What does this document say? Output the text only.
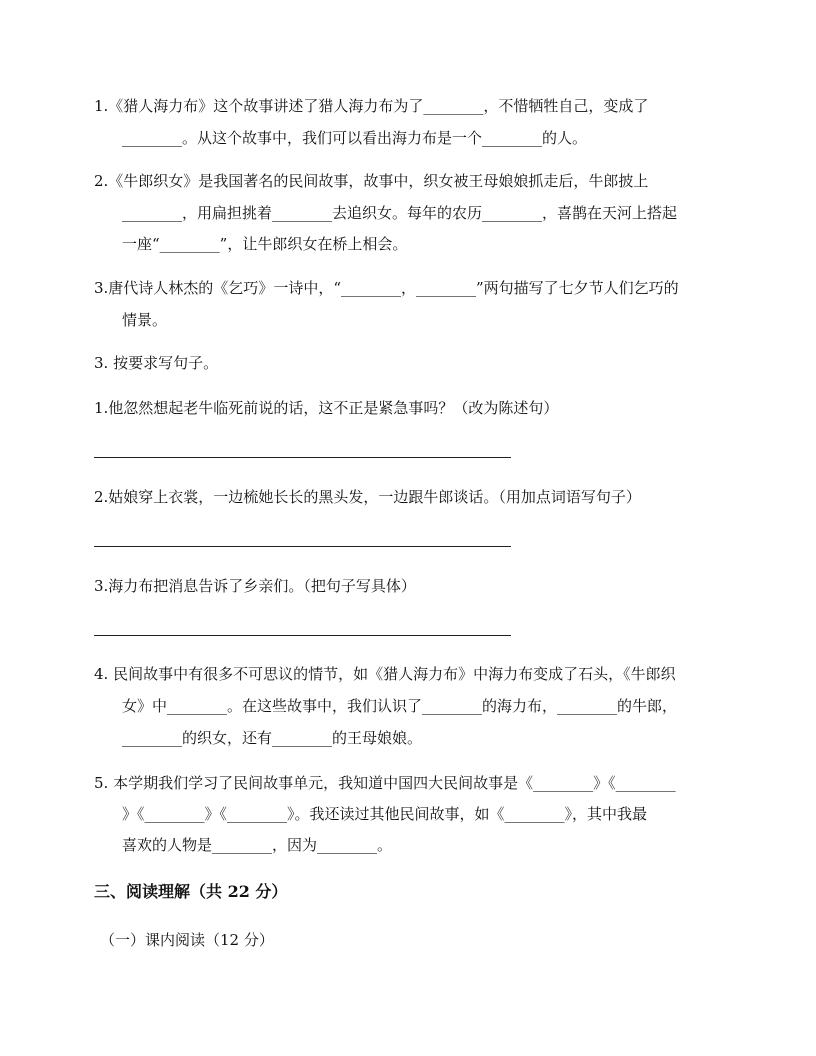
1.《猎人海力布》这个故事讲述了猎人海力布为了________，不惜牺牲自己，变成了
________。从这个故事中，我们可以看出海力布是一个________的人。
2.《牛郎织女》是我国著名的民间故事，故事中，织女被王母娘娘抓走后，牛郎披上
________，用扁担挑着________去追织女。每年的农历________，喜鹊在天河上搭起
一座“________”，让牛郎织女在桥上相会。
3.唐代诗人林杰的《乞巧》一诗中，“________，________”两句描写了七夕节人们乞巧的
情景。
3. 按要求写句子。
1.他忽然想起老牛临死前说的话，这不正是紧急事吗？（改为陈述句）
2.姑娘穿上衣裳，一边梳她长长的黑头发，一边跟牛郎谈话。（用加点词语写句子）
3.海力布把消息告诉了乡亲们。（把句子写具体）
4. 民间故事中有很多不可思议的情节，如《猎人海力布》中海力布变成了石头，《牛郎织
女》中________。在这些故事中，我们认识了________的海力布，________的牛郎，
________的织女，还有________的王母娘娘。
5. 本学期我们学习了民间故事单元，我知道中国四大民间故事是《________》《________
》《________》《________》。我还读过其他民间故事，如《________》，其中我最
喜欢的人物是________，因为________。
三、阅读理解（共 22 分）
（一）课内阅读（12 分）
